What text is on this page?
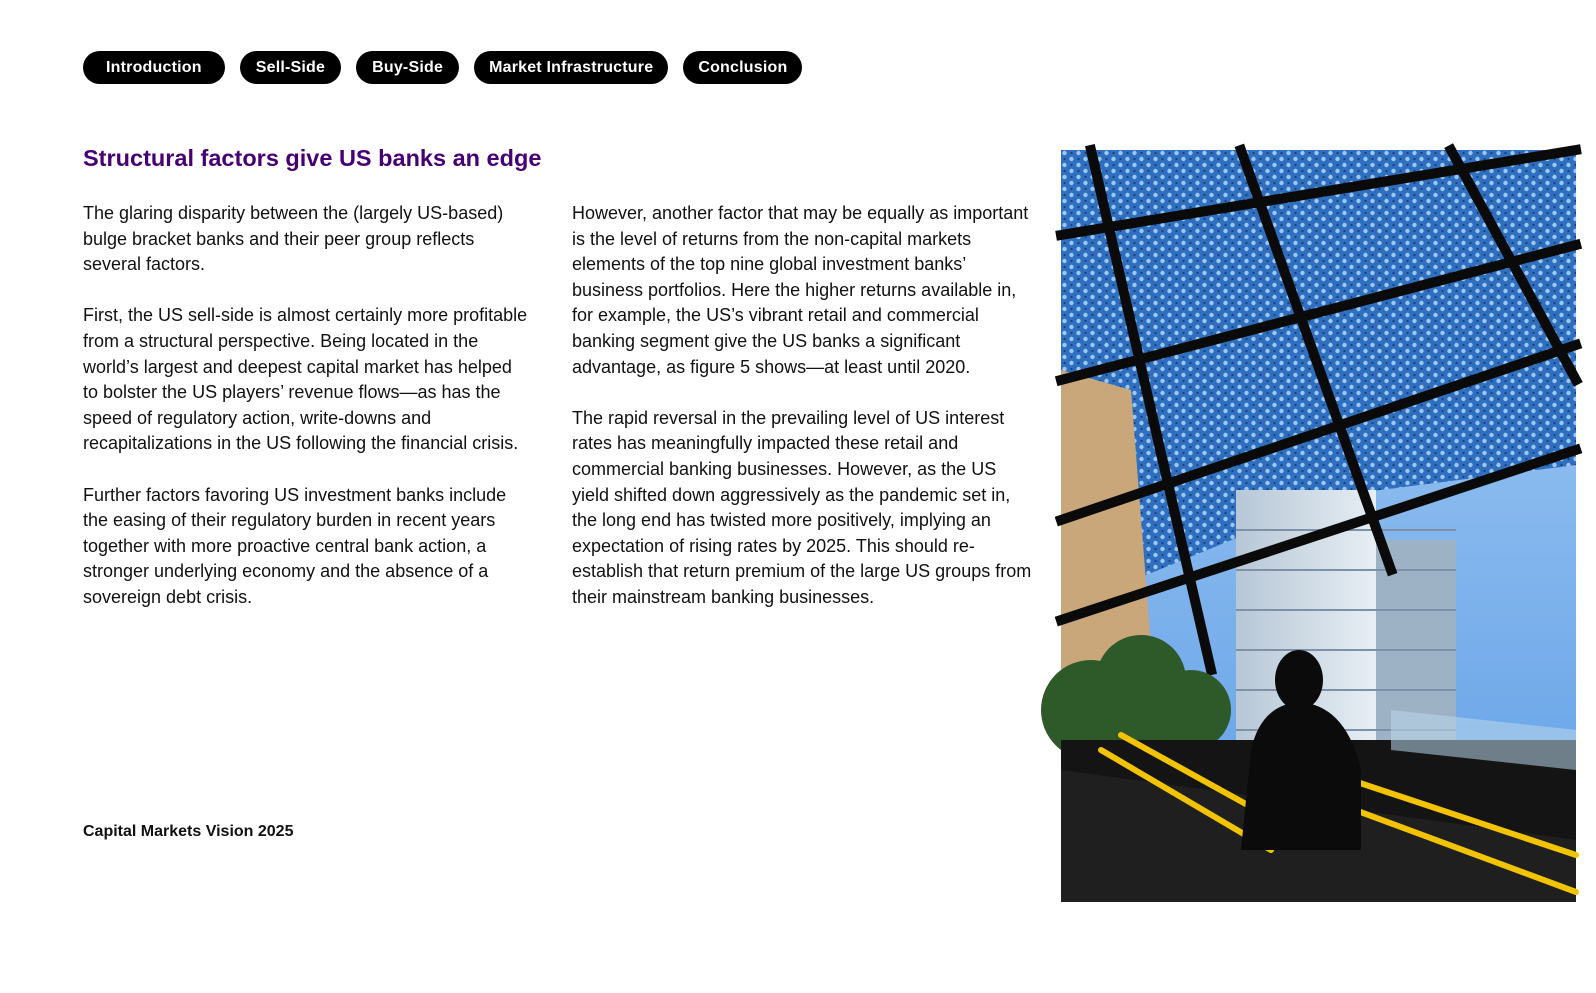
Introduction	Sell-Side	Buy-Side	Market Infrastructure	Conclusion
Structural factors give US banks an edge

The glaring disparity between the (largely US-based) bulge bracket banks and their peer group reflects several factors.

First, the US sell-side is almost certainly more profitable from a structural perspective. Being located in the world’s largest and deepest capital market has helped to bolster the US players’ revenue flows—as has the speed of regulatory action, write-downs and recapitalizations in the US following the financial crisis.

Further factors favoring US investment banks include the easing of their regulatory burden in recent years together with more proactive central bank action, a stronger underlying economy and the absence of a sovereign debt crisis.

However, another factor that may be equally as important is the level of returns from the non-capital markets elements of the top nine global investment banks’ business portfolios. Here the higher returns available in, for example, the US’s vibrant retail and commercial banking segment give the US banks a significant advantage, as figure 5 shows—at least until 2020.

The rapid reversal in the prevailing level of US interest rates has meaningfully impacted these retail and commercial banking businesses. However, as the US yield shifted down aggressively as the pandemic set in, the long end has twisted more positively, implying an expectation of rising rates by 2025. This should re-establish that return premium of the large US groups from their mainstream banking businesses.

Capital Markets Vision 2025
14
